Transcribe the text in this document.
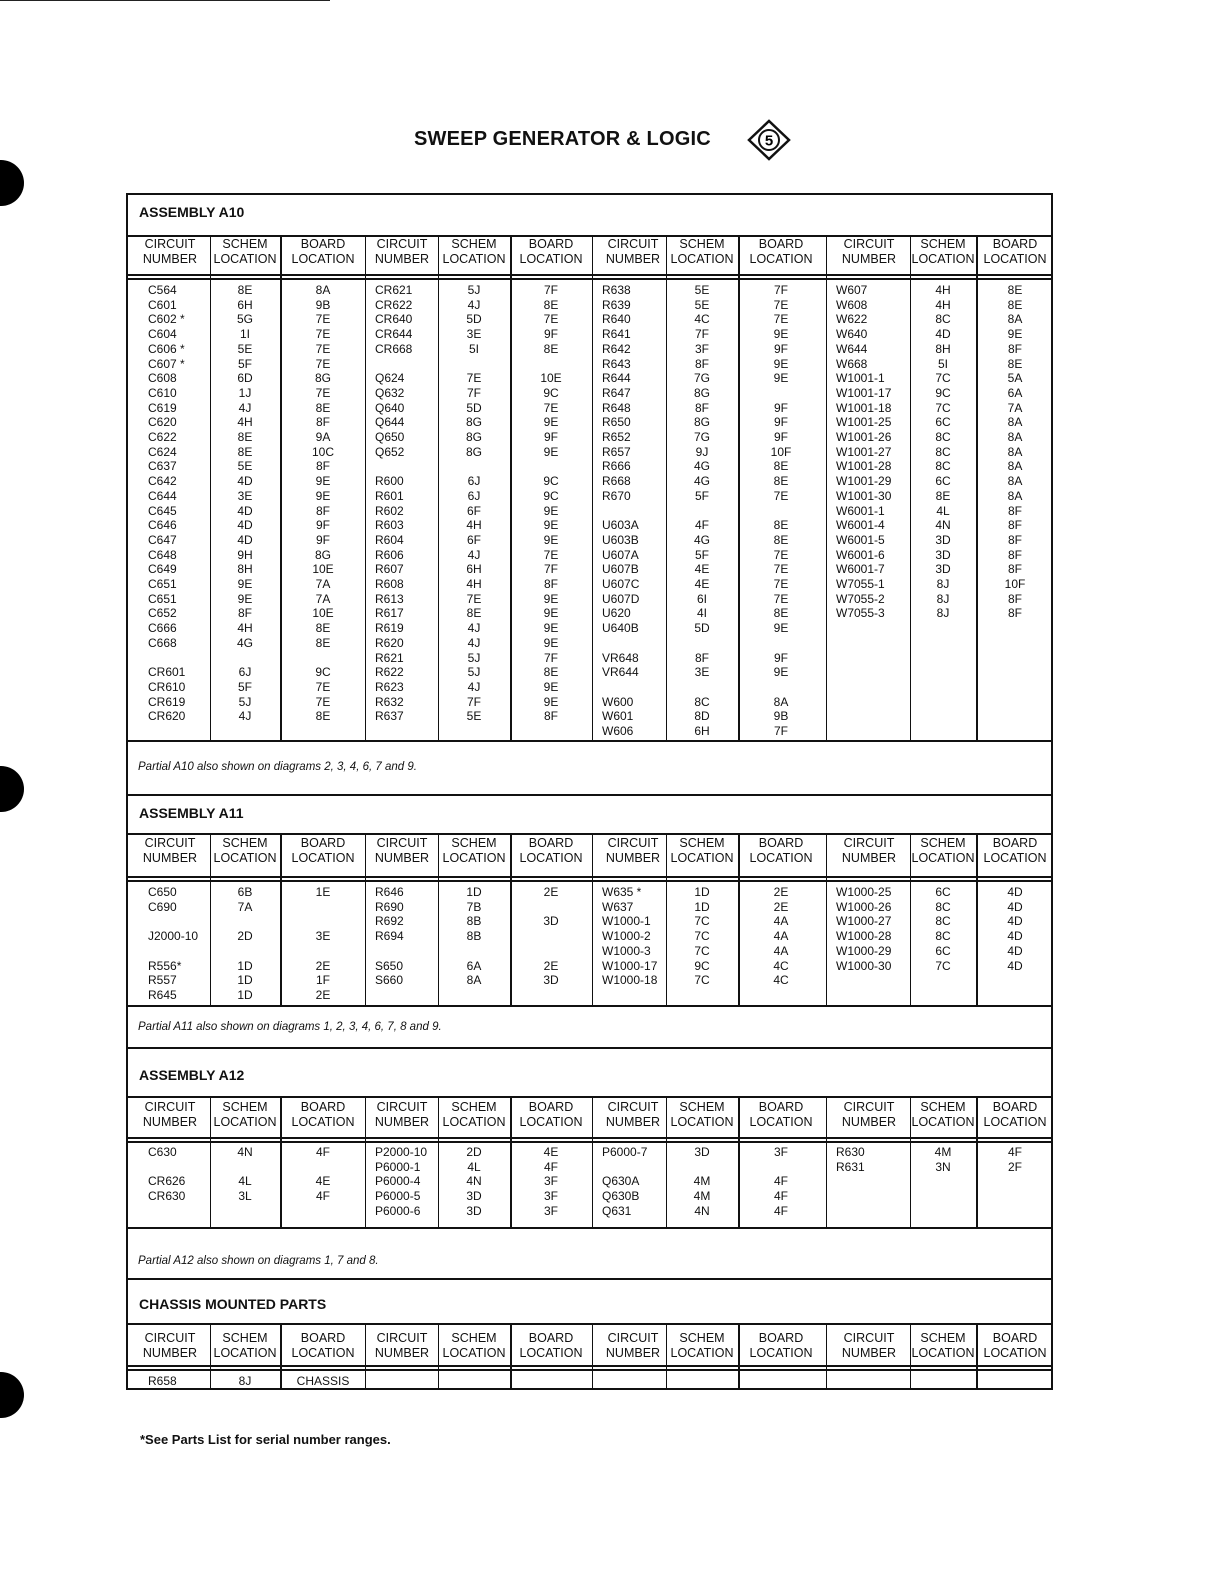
SWEEP GENERATOR & LOGIC	5
ASSEMBLY A10
CIRCUIT
NUMBER
C564
C601
C602 *
C604
C606 *
C607 *
C608
C610
C619
C620
C622
C624
C637
C642
C644
C645
C646
C647
C648
C649
C651
C651
C652
C666
C668

CR601
CR610
CR619
CR620
SCHEM
LOCATION
8E
6H
5G
1I
5E
5F
6D
1J
4J
4H
8E
8E
5E
4D
3E
4D
4D
4D
9H
8H
9E
9E
8F
4H
4G

6J
5F
5J
4J
BOARD
LOCATION
8A
9B
7E
7E
7E
7E
8G
7E
8E
8F
9A
10C
8F
9E
9E
8F
9F
9F
8G
10E
7A
7A
10E
8E
8E

9C
7E
7E
8E
CIRCUIT
NUMBER
CR621
CR622
CR640
CR644
CR668

Q624
Q632
Q640
Q644
Q650
Q652

R600
R601
R602
R603
R604
R606
R607
R608
R613
R617
R619
R620
R621
R622
R623
R632
R637
SCHEM
LOCATION
5J
4J
5D
3E
5I

7E
7F
5D
8G
8G
8G

6J
6J
6F
4H
6F
4J
6H
4H
7E
8E
4J
4J
5J
5J
4J
7F
5E
BOARD
LOCATION
7F
8E
7E
9F
8E

10E
9C
7E
9E
9F
9E

9C
9C
9E
9E
9E
7E
7F
8F
9E
9E
9E
9E
7F
8E
9E
9E
8F
CIRCUIT
NUMBER
R638
R639
R640
R641
R642
R643
R644
R647
R648
R650
R652
R657
R666
R668
R670

U603A
U603B
U607A
U607B
U607C
U607D
U620
U640B

VR648
VR644

W600
W601
W606
SCHEM
LOCATION
5E
5E
4C
7F
3F
8F
7G
8G
8F
8G
7G
9J
4G
4G
5F

4F
4G
5F
4E
4E
6I
4I
5D

8F
3E

8C
8D
6H
BOARD
LOCATION
7F
7E
7E
9E
9F
9E
9E

9F
9F
9F
10F
8E
8E
7E

8E
8E
7E
7E
7E
7E
8E
9E

9F
9E

8A
9B
7F
CIRCUIT
NUMBER
W607
W608
W622
W640
W644
W668
W1001-1
W1001-17
W1001-18
W1001-25
W1001-26
W1001-27
W1001-28
W1001-29
W1001-30
W6001-1
W6001-4
W6001-5
W6001-6
W6001-7
W7055-1
W7055-2
W7055-3
SCHEM
LOCATION
4H
4H
8C
4D
8H
5I
7C
9C
7C
6C
8C
8C
8C
6C
8E
4L
4N
3D
3D
3D
8J
8J
8J
BOARD
LOCATION
8E
8E
8A
9E
8F
8E
5A
6A
7A
8A
8A
8A
8A
8A
8A
8F
8F
8F
8F
8F
10F
8F
8F
Partial A10 also shown on diagrams 2, 3, 4, 6, 7 and 9.
ASSEMBLY A11
CIRCUIT
NUMBER
C650
C690

J2000-10

R556*
R557
R645
SCHEM
LOCATION
6B
7A

2D

1D
1D
1D
BOARD
LOCATION
1E

3E

2E
1F
2E
CIRCUIT
NUMBER
R646
R690
R692
R694

S650
S660
SCHEM
LOCATION
1D
7B
8B
8B

6A
8A
BOARD
LOCATION
2E

3D

2E
3D
CIRCUIT
NUMBER
W635 *
W637
W1000-1
W1000-2
W1000-3
W1000-17
W1000-18
SCHEM
LOCATION
1D
1D
7C
7C
7C
9C
7C
BOARD
LOCATION
2E
2E
4A
4A
4A
4C
4C
CIRCUIT
NUMBER
W1000-25
W1000-26
W1000-27
W1000-28
W1000-29
W1000-30
SCHEM
LOCATION
6C
8C
8C
8C
6C
7C
BOARD
LOCATION
4D
4D
4D
4D
4D
4D
Partial A11 also shown on diagrams 1, 2, 3, 4, 6, 7, 8 and 9.
ASSEMBLY A12
CIRCUIT
NUMBER
C630

CR626
CR630
SCHEM
LOCATION
4N

4L
3L
BOARD
LOCATION
4F

4E
4F
CIRCUIT
NUMBER
P2000-10
P6000-1
P6000-4
P6000-5
P6000-6
SCHEM
LOCATION
2D
4L
4N
3D
3D
BOARD
LOCATION
4E
4F
3F
3F
3F
CIRCUIT
NUMBER
P6000-7

Q630A
Q630B
Q631
SCHEM
LOCATION
3D

4M
4M
4N
BOARD
LOCATION
3F

4F
4F
4F
CIRCUIT
NUMBER
R630
R631
SCHEM
LOCATION
4M
3N
BOARD
LOCATION
4F
2F
Partial A12 also shown on diagrams 1, 7 and 8.
CHASSIS MOUNTED PARTS
CIRCUIT
NUMBER
R658
SCHEM
LOCATION
8J
BOARD
LOCATION
CHASSIS
CIRCUIT
NUMBER
SCHEM
LOCATION
BOARD
LOCATION
CIRCUIT
NUMBER
SCHEM
LOCATION
BOARD
LOCATION
CIRCUIT
NUMBER
SCHEM
LOCATION
BOARD
LOCATION
*See Parts List for serial number ranges.
